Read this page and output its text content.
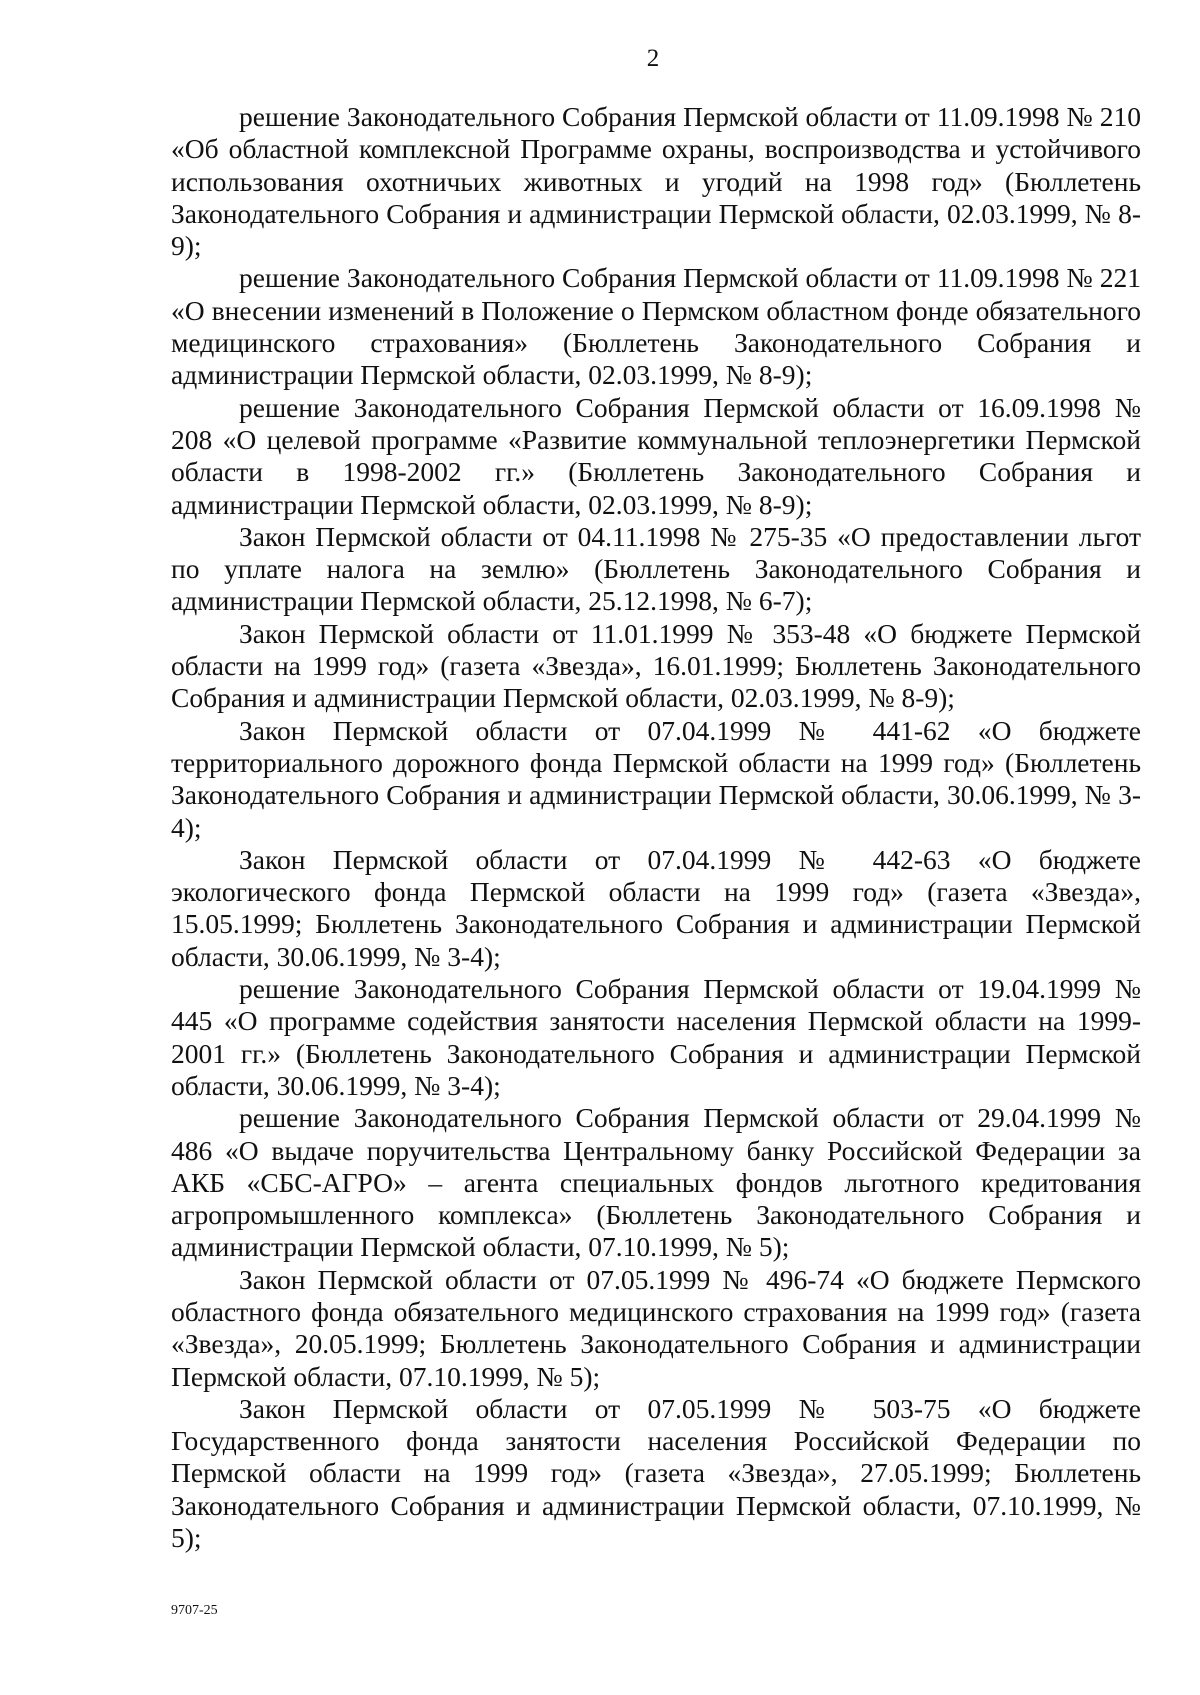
2

решение Законодательного Собрания Пермской области от 11.09.1998 № 210 «Об областной комплексной Программе охраны, воспроизводства и устойчивого использования охотничьих животных и угодий на 1998 год» (Бюллетень Законодательного Собрания и администрации Пермской области, 02.03.1999, № 8-9);

решение Законодательного Собрания Пермской области от 11.09.1998 № 221 «О внесении изменений в Положение о Пермском областном фонде обязательного медицинского страхования» (Бюллетень Законодательного Собрания и администрации Пермской области, 02.03.1999, № 8-9);

решение Законодательного Собрания Пермской области от 16.09.1998 № 208 «О целевой программе «Развитие коммунальной теплоэнергетики Пермской области в 1998-2002 гг.» (Бюллетень Законодательного Собрания и администрации Пермской области, 02.03.1999, № 8-9);

Закон Пермской области от 04.11.1998 № 275-35 «О предоставлении льгот по уплате налога на землю» (Бюллетень Законодательного Собрания и администрации Пермской области, 25.12.1998, № 6-7);

Закон Пермской области от 11.01.1999 № 353-48 «О бюджете Пермской области на 1999 год» (газета «Звезда», 16.01.1999; Бюллетень Законодательного Собрания и администрации Пермской области, 02.03.1999, № 8-9);

Закон Пермской области от 07.04.1999 № 441-62 «О бюджете территориального дорожного фонда Пермской области на 1999 год» (Бюллетень Законодательного Собрания и администрации Пермской области, 30.06.1999, № 3-4);

Закон Пермской области от 07.04.1999 № 442-63 «О бюджете экологического фонда Пермской области на 1999 год» (газета «Звезда», 15.05.1999; Бюллетень Законодательного Собрания и администрации Пермской области, 30.06.1999, № 3-4);

решение Законодательного Собрания Пермской области от 19.04.1999 № 445 «О программе содействия занятости населения Пермской области на 1999-2001 гг.» (Бюллетень Законодательного Собрания и администрации Пермской области, 30.06.1999, № 3-4);

решение Законодательного Собрания Пермской области от 29.04.1999 № 486 «О выдаче поручительства Центральному банку Российской Федерации за АКБ «СБС-АГРО» – агента специальных фондов льготного кредитования агропромышленного комплекса» (Бюллетень Законодательного Собрания и администрации Пермской области, 07.10.1999, № 5);

Закон Пермской области от 07.05.1999 № 496-74 «О бюджете Пермского областного фонда обязательного медицинского страхования на 1999 год» (газета «Звезда», 20.05.1999; Бюллетень Законодательного Собрания и администрации Пермской области, 07.10.1999, № 5);

Закон Пермской области от 07.05.1999 № 503-75 «О бюджете Государственного фонда занятости населения Российской Федерации по Пермской области на 1999 год» (газета «Звезда», 27.05.1999; Бюллетень Законодательного Собрания и администрации Пермской области, 07.10.1999, № 5);

9707-25
